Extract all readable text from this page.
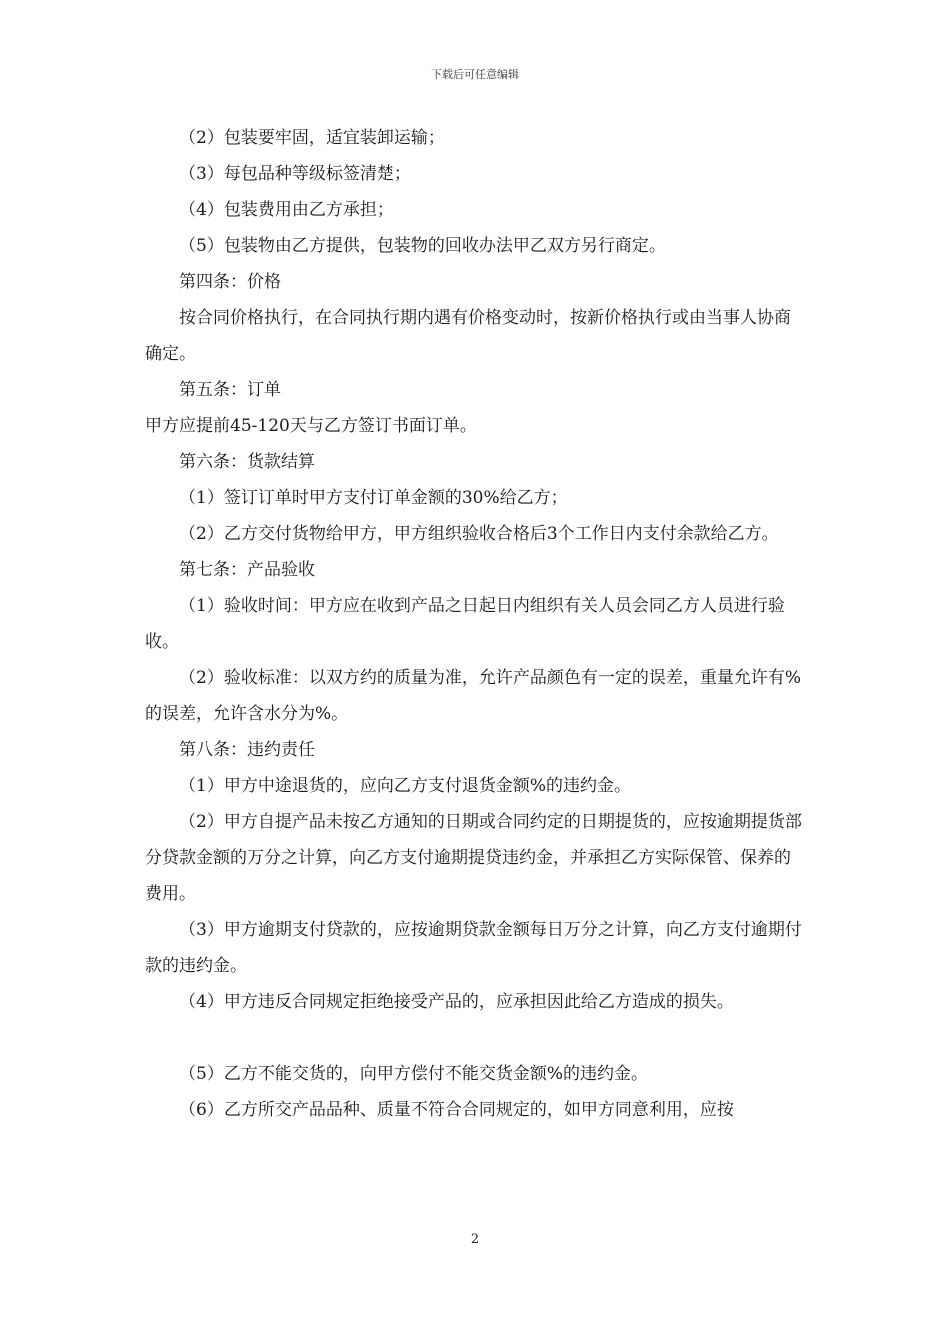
下载后可任意编辑

（2）包装要牢固，适宜装卸运输；

（3）每包品种等级标签清楚；

（4）包装费用由乙方承担；

（5）包装物由乙方提供，包装物的回收办法甲乙双方另行商定。

第四条：价格

按合同价格执行，在合同执行期内遇有价格变动时，按新价格执行或由当事人协商确定。

第五条：订单

甲方应提前45-120天与乙方签订书面订单。

第六条：货款结算

（1）签订订单时甲方支付订单金额的30%给乙方；

（2）乙方交付货物给甲方，甲方组织验收合格后3个工作日内支付余款给乙方。

第七条：产品验收

（1）验收时间：甲方应在收到产品之日起日内组织有关人员会同乙方人员进行验收。

（2）验收标准：以双方约的质量为准，允许产品颜色有一定的误差，重量允许有%的误差，允许含水分为%。

第八条：违约责任

（1）甲方中途退货的，应向乙方支付退货金额%的违约金。

（2）甲方自提产品未按乙方通知的日期或合同约定的日期提货的，应按逾期提货部分贷款金额的万分之计算，向乙方支付逾期提贷违约金，并承担乙方实际保管、保养的费用。

（3）甲方逾期支付贷款的，应按逾期贷款金额每日万分之计算，向乙方支付逾期付款的违约金。

（4）甲方违反合同规定拒绝接受产品的，应承担因此给乙方造成的损失。

（5）乙方不能交货的，向甲方偿付不能交货金额%的违约金。

（6）乙方所交产品品种、质量不符合合同规定的，如甲方同意利用，应按

2
